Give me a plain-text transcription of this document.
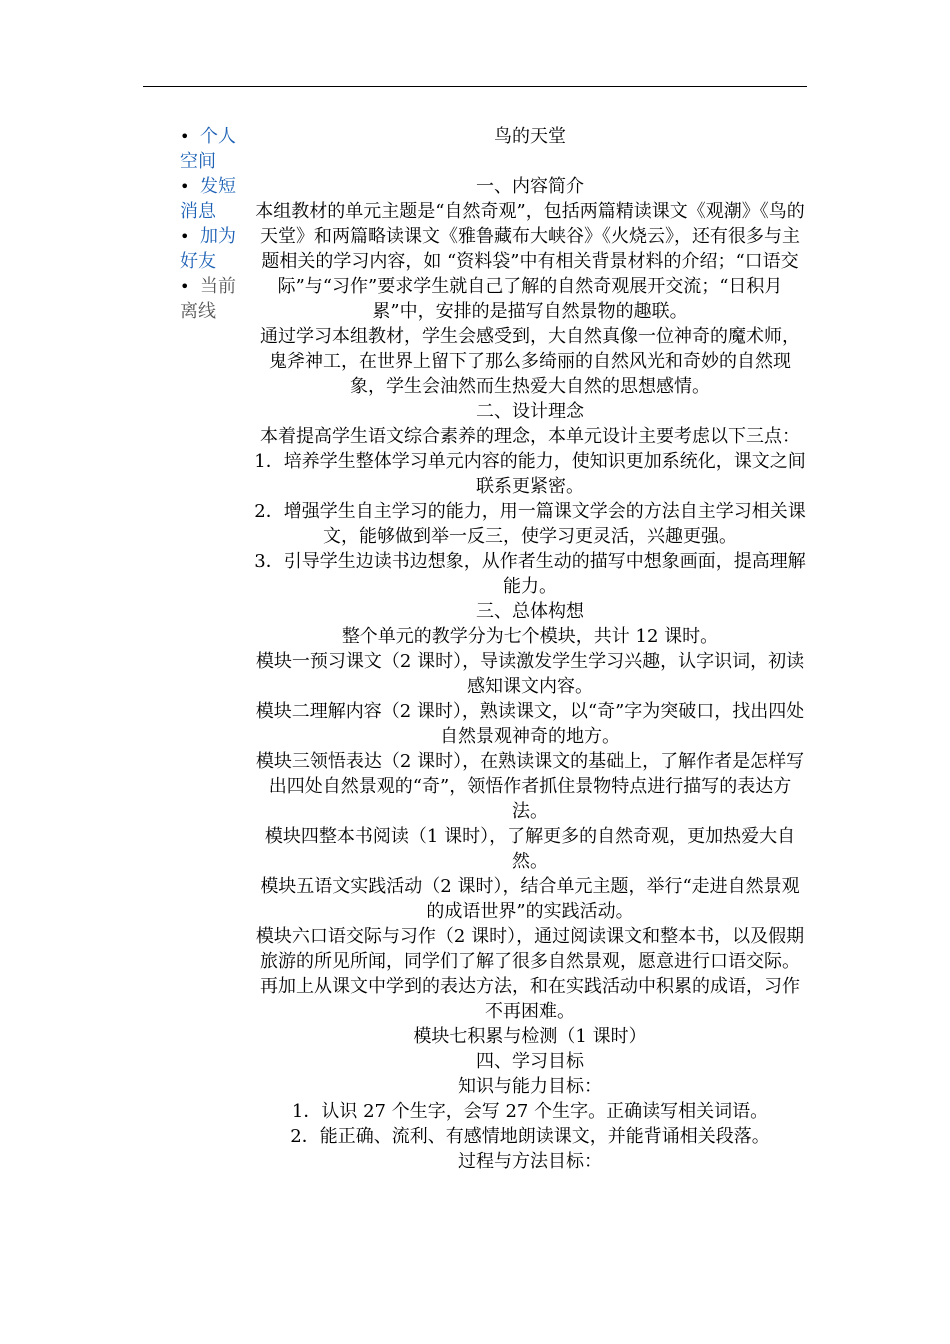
• 个人空间
• 发短消息
• 加为好友
• 当前离线

鸟的天堂

一、内容简介

本组教材的单元主题是“自然奇观”，包括两篇精读课文《观潮》《鸟的天堂》和两篇略读课文《雅鲁藏布大峡谷》《火烧云》，还有很多与主题相关的学习内容，如 “资料袋”中有相关背景材料的介绍；“口语交际”与“习作”要求学生就自己了解的自然奇观展开交流；“日积月累”中，安排的是描写自然景物的趣联。

通过学习本组教材，学生会感受到，大自然真像一位神奇的魔术师，鬼斧神工，在世界上留下了那么多绮丽的自然风光和奇妙的自然现象，学生会油然而生热爱大自然的思想感情。

二、设计理念

本着提高学生语文综合素养的理念，本单元设计主要考虑以下三点：

1．培养学生整体学习单元内容的能力，使知识更加系统化，课文之间联系更紧密。

2．增强学生自主学习的能力，用一篇课文学会的方法自主学习相关课文，能够做到举一反三，使学习更灵活，兴趣更强。

3．引导学生边读书边想象，从作者生动的描写中想象画面，提高理解能力。

三、总体构想

整个单元的教学分为七个模块，共计 12 课时。

模块一预习课文（2 课时），导读激发学生学习兴趣，认字识词，初读感知课文内容。

模块二理解内容（2 课时），熟读课文，以“奇”字为突破口，找出四处自然景观神奇的地方。

模块三领悟表达（2 课时），在熟读课文的基础上，了解作者是怎样写出四处自然景观的“奇”，领悟作者抓住景物特点进行描写的表达方法。

模块四整本书阅读（1 课时），了解更多的自然奇观，更加热爱大自然。

模块五语文实践活动（2 课时），结合单元主题，举行“走进自然景观的成语世界”的实践活动。

模块六口语交际与习作（2 课时），通过阅读课文和整本书，以及假期旅游的所见所闻，同学们了解了很多自然景观，愿意进行口语交际。再加上从课文中学到的表达方法，和在实践活动中积累的成语，习作不再困难。

模块七积累与检测（1 课时）

四、学习目标

知识与能力目标：

1．认识 27 个生字，会写 27 个生字。正确读写相关词语。

2．能正确、流利、有感情地朗读课文，并能背诵相关段落。

过程与方法目标：
